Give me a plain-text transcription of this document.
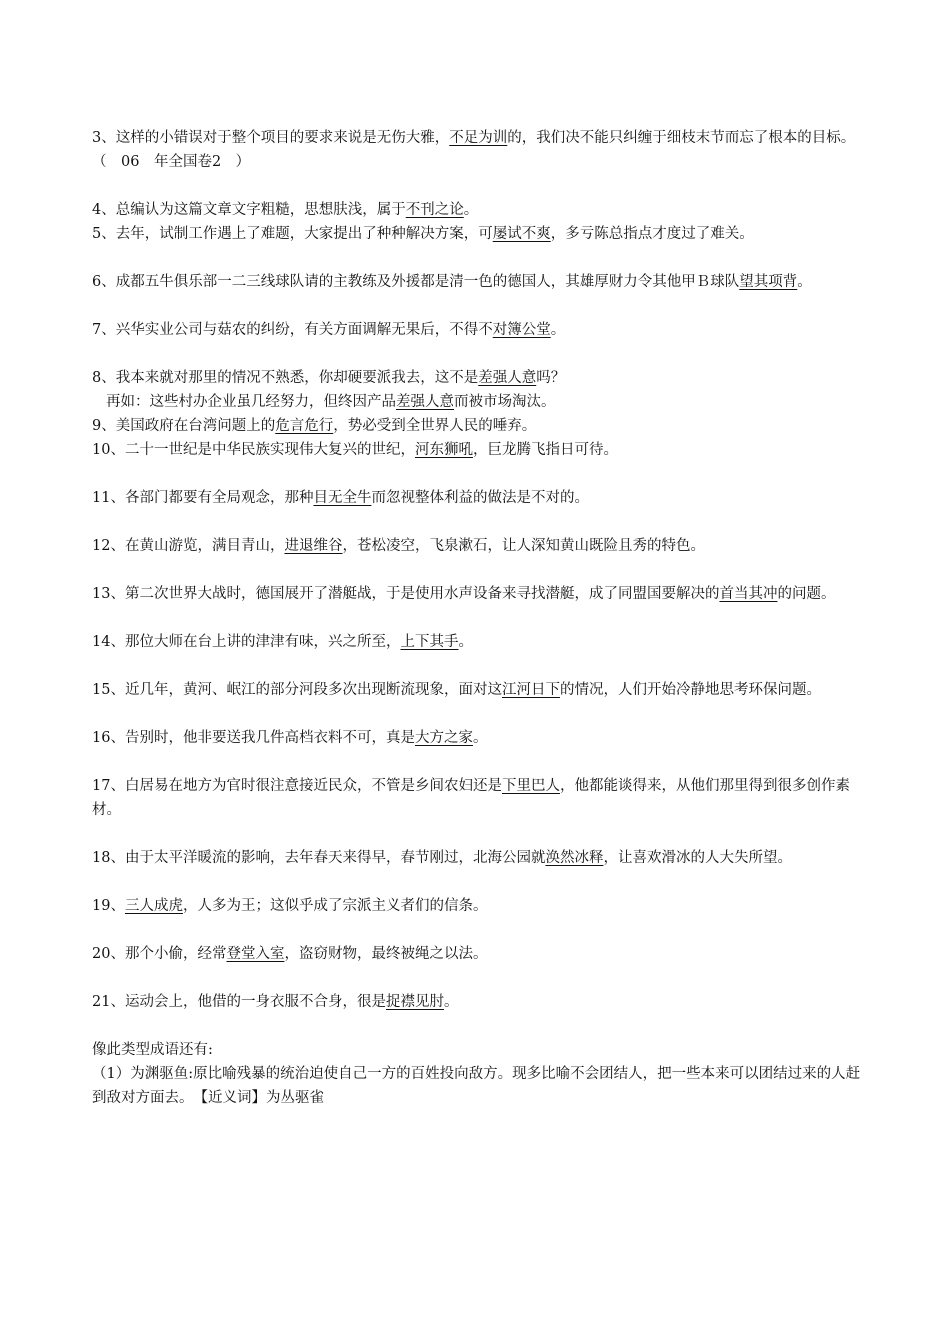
3、这样的小错误对于整个项目的要求来说是无伤大雅，不足为训的，我们决不能只纠缠于细枝末节而忘了根本的目标。（　06　年全国卷2　）

4、总编认为这篇文章文字粗糙，思想肤浅，属于不刊之论。

5、去年，试制工作遇上了难题，大家提出了种种解决方案，可屡试不爽，多亏陈总指点才度过了难关。

6、成都五牛俱乐部一二三线球队请的主教练及外援都是清一色的德国人，其雄厚财力令其他甲Ｂ球队望其项背。

7、兴华实业公司与菇农的纠纷，有关方面调解无果后，不得不对簿公堂。

8、我本来就对那里的情况不熟悉，你却硬要派我去，这不是差强人意吗？

再如：这些村办企业虽几经努力，但终因产品差强人意而被市场淘汰。

9、美国政府在台湾问题上的危言危行，势必受到全世界人民的唾弃。

10、二十一世纪是中华民族实现伟大复兴的世纪，河东狮吼，巨龙腾飞指日可待。

11、各部门都要有全局观念，那种目无全牛而忽视整体利益的做法是不对的。

12、在黄山游览，满目青山，进退维谷，苍松凌空，飞泉漱石，让人深知黄山既险且秀的特色。

13、第二次世界大战时，德国展开了潜艇战，于是使用水声设备来寻找潜艇，成了同盟国要解决的首当其冲的问题。

14、那位大师在台上讲的津津有味，兴之所至，上下其手。

15、近几年，黄河、岷江的部分河段多次出现断流现象，面对这江河日下的情况，人们开始冷静地思考环保问题。

16、告别时，他非要送我几件高档衣料不可，真是大方之家。

17、白居易在地方为官时很注意接近民众，不管是乡间农妇还是下里巴人，他都能谈得来，从他们那里得到很多创作素材。

18、由于太平洋暖流的影响，去年春天来得早，春节刚过，北海公园就涣然冰释，让喜欢滑冰的人大失所望。

19、三人成虎，人多为王；这似乎成了宗派主义者们的信条。

20、那个小偷，经常登堂入室，盗窃财物，最终被绳之以法。

21、运动会上，他借的一身衣服不合身，很是捉襟见肘。

像此类型成语还有:

（1）为渊驱鱼:原比喻残暴的统治迫使自己一方的百姓投向敌方。现多比喻不会团结人，把一些本来可以团结过来的人赶到敌对方面去。　【近义词】为丛驱雀
